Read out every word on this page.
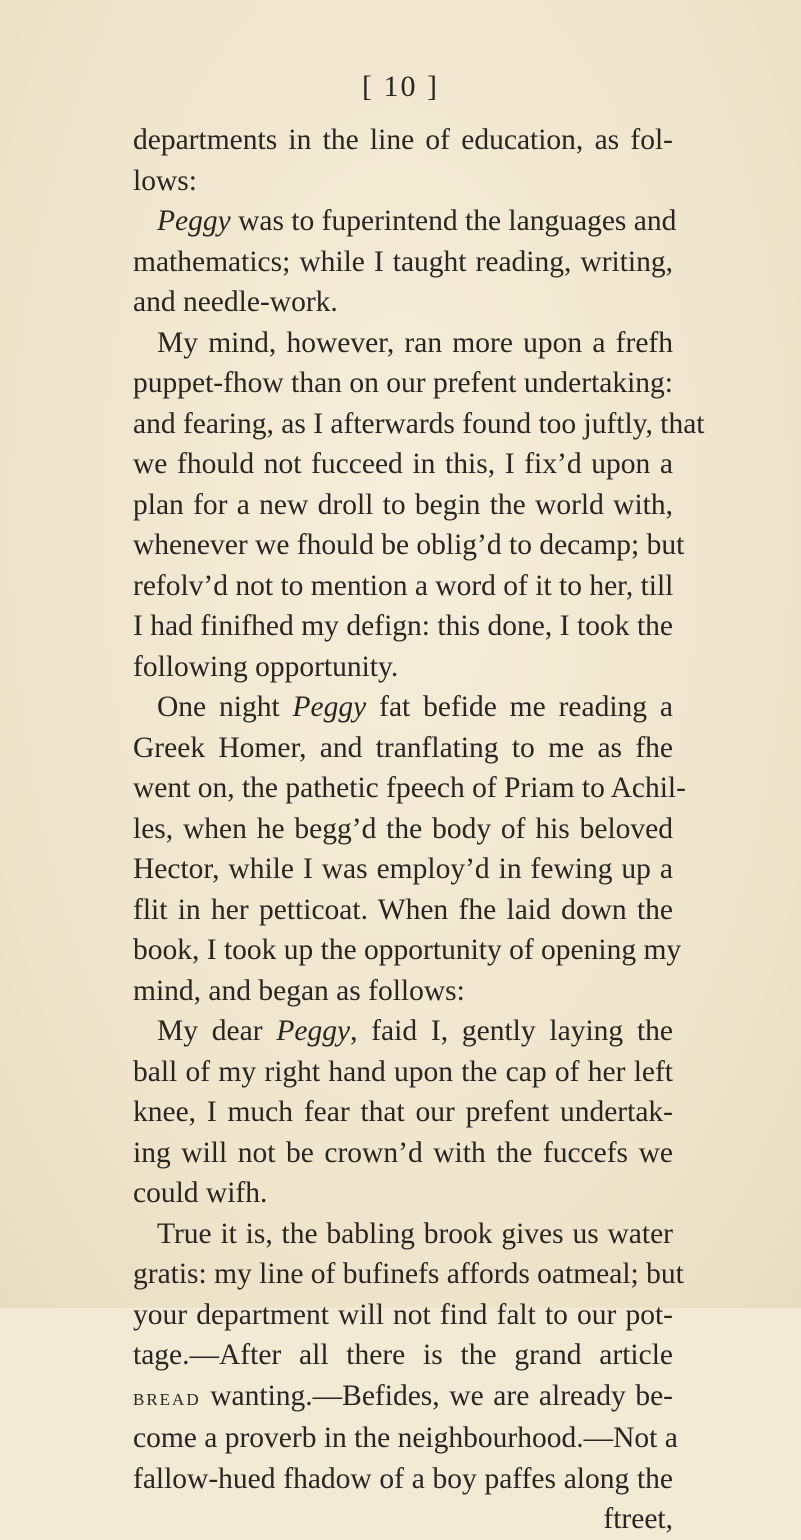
[ 10 ]
departments in the line of education, as fol-
lows:
Peggy was to fuperintend the languages and
mathematics; while I taught reading, writing,
and needle-work.
My mind, however, ran more upon a frefh
puppet-fhow than on our prefent undertaking:
and fearing, as I afterwards found too juftly, that
we fhould not fucceed in this, I fix’d upon a
plan for a new droll to begin the world with,
whenever we fhould be oblig’d to decamp; but
refolv’d not to mention a word of it to her, till
I had finifhed my defign: this done, I took the
following opportunity.
One night Peggy fat befide me reading a
Greek Homer, and tranflating to me as fhe
went on, the pathetic fpeech of Priam to Achil-
les, when he begg’d the body of his beloved
Hector, while I was employ’d in fewing up a
flit in her petticoat. When fhe laid down the
book, I took up the opportunity of opening my
mind, and began as follows:
My dear Peggy, faid I, gently laying the
ball of my right hand upon the cap of her left
knee, I much fear that our prefent undertak-
ing will not be crown’d with the fuccefs we
could wifh.
True it is, the babling brook gives us water
gratis: my line of bufinefs affords oatmeal; but
your department will not find falt to our pot-
tage.—After all there is the grand article
bread wanting.—Befides, we are already be-
come a proverb in the neighbourhood.—Not a
fallow-hued fhadow of a boy paffes along the
ftreet,
